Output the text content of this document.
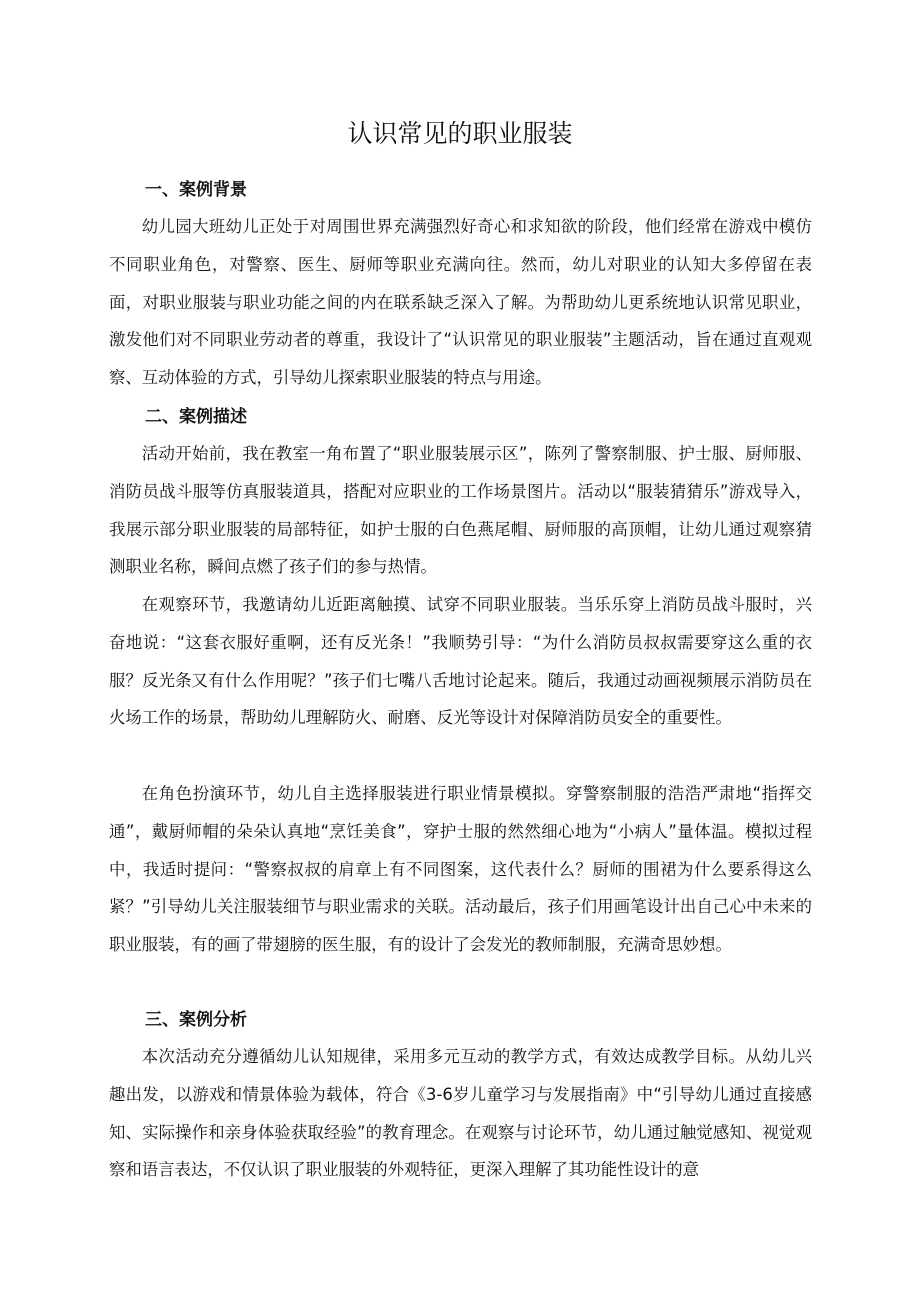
认识常见的职业服装
一、案例背景

幼儿园大班幼儿正处于对周围世界充满强烈好奇心和求知欲的阶段，他们经常在游戏中模仿不同职业角色，对警察、医生、厨师等职业充满向往。然而，幼儿对职业的认知大多停留在表面，对职业服装与职业功能之间的内在联系缺乏深入了解。为帮助幼儿更系统地认识常见职业，激发他们对不同职业劳动者的尊重，我设计了“认识常见的职业服装”主题活动，旨在通过直观观察、互动体验的方式，引导幼儿探索职业服装的特点与用途。

二、案例描述

活动开始前，我在教室一角布置了“职业服装展示区”，陈列了警察制服、护士服、厨师服、消防员战斗服等仿真服装道具，搭配对应职业的工作场景图片。活动以“服装猜猜乐”游戏导入，我展示部分职业服装的局部特征，如护士服的白色燕尾帽、厨师服的高顶帽，让幼儿通过观察猜测职业名称，瞬间点燃了孩子们的参与热情。

在观察环节，我邀请幼儿近距离触摸、试穿不同职业服装。当乐乐穿上消防员战斗服时，兴奋地说：“这套衣服好重啊，还有反光条！”我顺势引导：“为什么消防员叔叔需要穿这么重的衣服？反光条又有什么作用呢？”孩子们七嘴八舌地讨论起来。随后，我通过动画视频展示消防员在火场工作的场景，帮助幼儿理解防火、耐磨、反光等设计对保障消防员安全的重要性。

在角色扮演环节，幼儿自主选择服装进行职业情景模拟。穿警察制服的浩浩严肃地“指挥交通”，戴厨师帽的朵朵认真地“烹饪美食”，穿护士服的然然细心地为“小病人”量体温。模拟过程中，我适时提问：“警察叔叔的肩章上有不同图案，这代表什么？厨师的围裙为什么要系得这么紧？”引导幼儿关注服装细节与职业需求的关联。活动最后，孩子们用画笔设计出自己心中未来的职业服装，有的画了带翅膀的医生服，有的设计了会发光的教师制服，充满奇思妙想。

三、案例分析

本次活动充分遵循幼儿认知规律，采用多元互动的教学方式，有效达成教学目标。从幼儿兴趣出发，以游戏和情景体验为载体，符合《3-6岁儿童学习与发展指南》中“引导幼儿通过直接感知、实际操作和亲身体验获取经验”的教育理念。在观察与讨论环节，幼儿通过触觉感知、视觉观察和语言表达，不仅认识了职业服装的外观特征，更深入理解了其功能性设计的意
